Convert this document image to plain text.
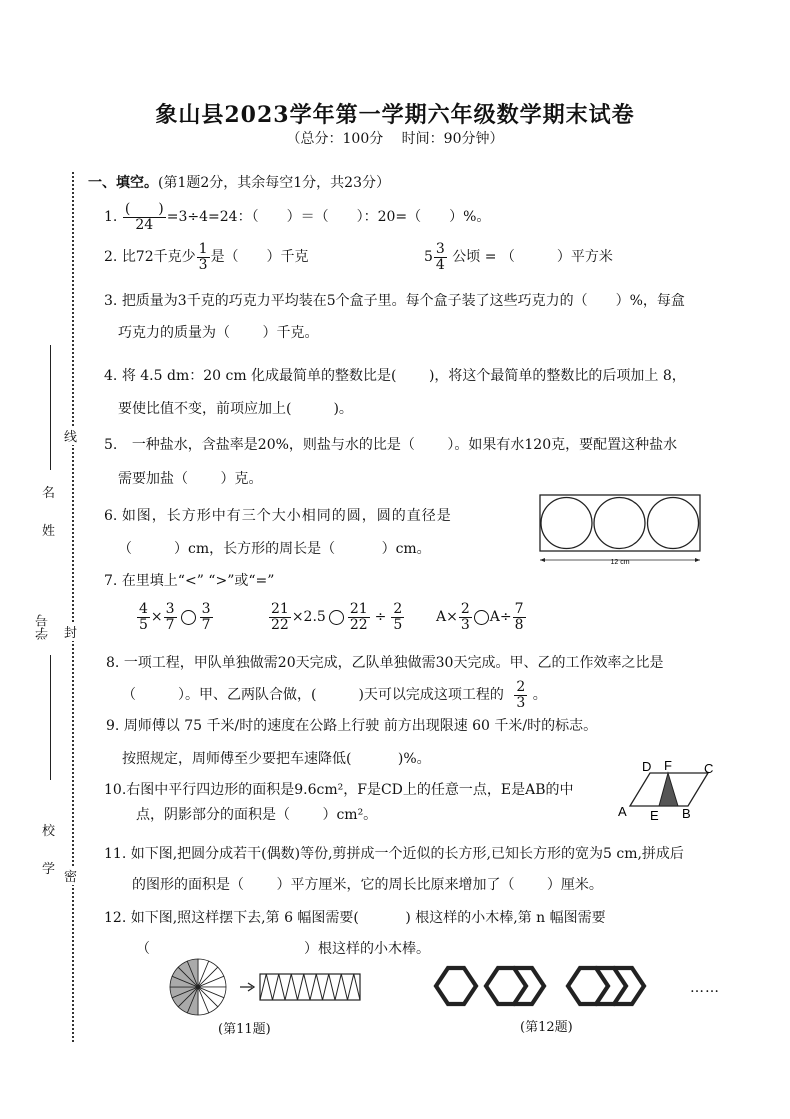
象山县2023学年第一学期六年级数学期末试卷
（总分：100分　 时间：90分钟）
学
校
学号
姓
名
线
封
密
一、填空。(第1题2分，其余每空1分，共23分）
1. $\frac{( )}{24} =3\div 4=24$：（　　）＝（　　）：20=（　　）%。
2. 比72千克少 $\frac{1}{3}$ 是（　　）千克	$5 \frac{3}{4}$ 公顷 = （　　　）平方米
3. 把质量为3千克的巧克力平均装在5个盒子里。每个盒子装了这些巧克力的（　　）%，每盒
巧克力的质量为（　　 ）千克。
4. 将 4.5 dm：20 cm 化成最简单的整数比是(　　 )，将这个最简单的整数比的后项加上 8，
要使比值不变，前项应加上(　　　)。
5. 一种盐水，含盐率是20%，则盐与水的比是（　　 ）。如果有水120克，要配置这种盐水
需要加盐（　　 ）克。
6. 如图，长方形中有三个大小相同的圆，圆的直径是
（　　　）cm，长方形的周长是（　　　 ）cm。
12 cm
7. 在里填上“<” “>”或“=”
$\frac{4}{5} \times \frac{3}{7} \frac{3}{7}$	$\frac{21}{22} \times 2.5 \frac{21}{22} \div \frac{2}{5} A\times \frac{2}{3} A\div \frac{7}{8}$
8. 一项工程，甲队单独做需20天完成，乙队单独做需30天完成。甲、乙的工作效率之比是
（　　　）。甲、乙两队合做，(　　　)天可以完成这项工程的 $\frac{2}{3}$ 。
9. 周师傅以 75 千米/时的速度在公路上行驶 前方出现限速 60 千米/时的标志。
按照规定，周师傅至少要把车速降低(　　　 )%。
10.右图中平行四边形的面积是9.6cm²，F是CD上的任意一点，E是AB的中
点，阴影部分的面积是（　　 ）cm²。
D F C
A E B
11. 如下图,把圆分成若干(偶数)等份,剪拼成一个近似的长方形,已知长方形的宽为5 cm,拼成后
的图形的面积是（　　 ）平方厘米，它的周长比原来增加了（　　 ）厘米。
12. 如下图,照这样摆下去,第 6 幅图需要(　　　 ) 根这样的小木棒,第 n 幅图需要
（　　　　　　　　　　　）根这样的小木棒。
(第11题)
……
(第12题)
